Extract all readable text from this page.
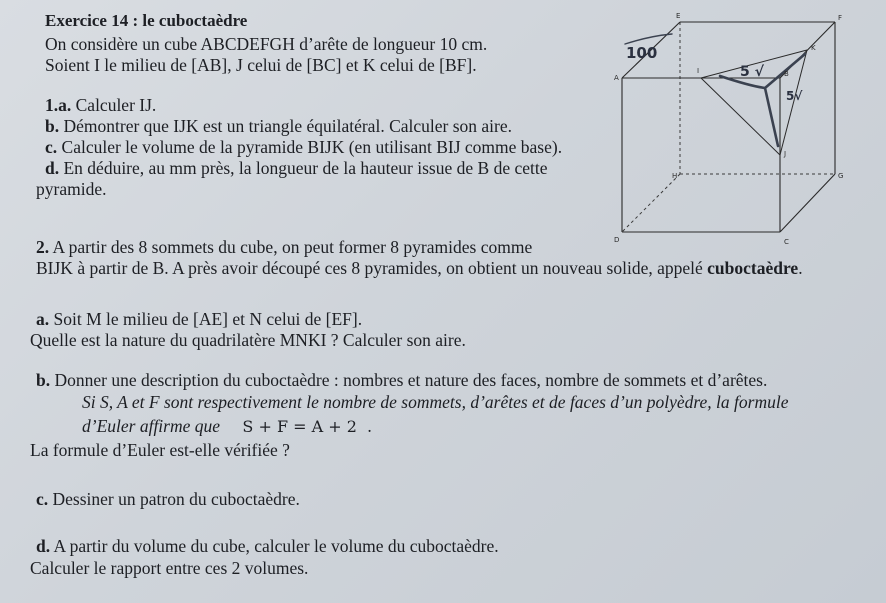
Exercice 14 : le cuboctaèdre
On considère un cube ABCDEFGH d’arête de longueur 10 cm.
Soient I le milieu de [AB], J celui de [BC] et K celui de [BF].
1.a. Calculer IJ.
b. Démontrer que IJK est un triangle équilatéral. Calculer son aire.
c. Calculer le volume de la pyramide BIJK (en utilisant BIJ comme base).
d. En déduire, au mm près, la longueur de la hauteur issue de B de cette
pyramide.
2. A partir des 8 sommets du cube, on peut former 8 pyramides comme
BIJK à partir de B. A près avoir découpé ces 8 pyramides, on obtient un nouveau solide, appelé cuboctaèdre.
a. Soit M le milieu de [AE] et N celui de [EF].
Quelle est la nature du quadrilatère MNKI ? Calculer son aire.
b. Donner une description du cuboctaèdre : nombres et nature des faces, nombre de sommets et d’arêtes.
Si S, A et F sont respectivement le nombre de sommets, d’arêtes et de faces d’un polyèdre, la formule
d’Euler affirme que S + F = A + 2 .
La formule d’Euler est-elle vérifiée ?
c. Dessiner un patron du cuboctaèdre.
d. A partir du volume du cube, calculer le volume du cuboctaèdre.
Calculer le rapport entre ces 2 volumes.
E	F
A	B
D	C
H	G
I
J
K
100
5 √
5√
